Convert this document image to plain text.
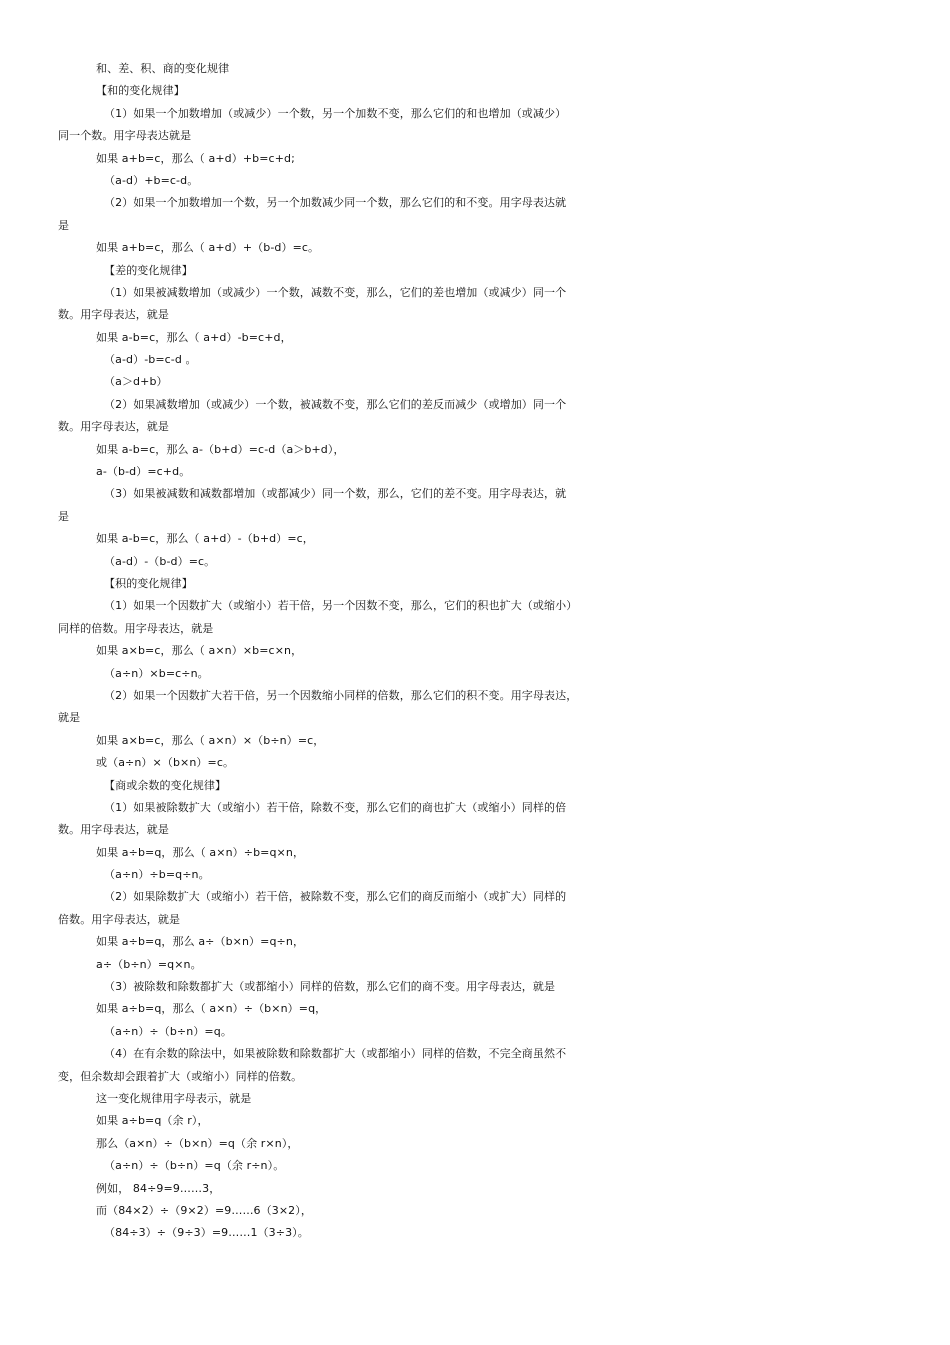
和、差、积、商的变化规律
【和的变化规律】
（1）如果一个加数增加（或减少）一个数，另一个加数不变，那么它们的和也增加（或减少）
同一个数。用字母表达就是
如果 a+b=c，那么（ a+d）+b=c+d;
（a-d）+b=c-d。
（2）如果一个加数增加一个数，另一个加数减少同一个数，那么它们的和不变。用字母表达就
是
如果 a+b=c，那么（ a+d）+（b-d）=c。
【差的变化规律】
（1）如果被减数增加（或减少）一个数，减数不变，那么，它们的差也增加（或减少）同一个
数。用字母表达，就是
如果 a-b=c，那么（ a+d）-b=c+d，
（a-d）-b=c-d 。
（a＞d+b）
（2）如果减数增加（或减少）一个数，被减数不变，那么它们的差反而减少（或增加）同一个
数。用字母表达，就是
如果 a-b=c，那么 a-（b+d）=c-d（a＞b+d），
a-（b-d）=c+d。
（3）如果被减数和减数都增加（或都减少）同一个数，那么，它们的差不变。用字母表达，就
是
如果 a-b=c，那么（ a+d）-（b+d）=c，
（a-d）-（b-d）=c。
【积的变化规律】
（1）如果一个因数扩大（或缩小）若干倍，另一个因数不变，那么，它们的积也扩大（或缩小）
同样的倍数。用字母表达，就是
如果 a×b=c，那么（ a×n）×b=c×n，
（a÷n）×b=c÷n。
（2）如果一个因数扩大若干倍，另一个因数缩小同样的倍数，那么它们的积不变。用字母表达，
就是
如果 a×b=c，那么（ a×n）×（b÷n）=c，
或（a÷n）×（b×n）=c。
【商或余数的变化规律】
（1）如果被除数扩大（或缩小）若干倍，除数不变，那么它们的商也扩大（或缩小）同样的倍
数。用字母表达，就是
如果 a÷b=q，那么（ a×n）÷b=q×n，
（a÷n）÷b=q÷n。
（2）如果除数扩大（或缩小）若干倍，被除数不变，那么它们的商反而缩小（或扩大）同样的
倍数。用字母表达，就是
如果 a÷b=q，那么 a÷（b×n）=q÷n，
a÷（b÷n）=q×n。
（3）被除数和除数都扩大（或都缩小）同样的倍数，那么它们的商不变。用字母表达，就是
如果 a÷b=q，那么（ a×n）÷（b×n）=q，
（a÷n）÷（b÷n）=q。
（4）在有余数的除法中，如果被除数和除数都扩大（或都缩小）同样的倍数，不完全商虽然不
变，但余数却会跟着扩大（或缩小）同样的倍数。
这一变化规律用字母表示，就是
如果 a÷b=q（余 r），
那么（a×n）÷（b×n）=q（余 r×n），
（a÷n）÷（b÷n）=q（余 r÷n）。
例如， 84÷9=9……3，
而（84×2）÷（9×2）=9……6（3×2），
（84÷3）÷（9÷3）=9……1（3÷3）。
